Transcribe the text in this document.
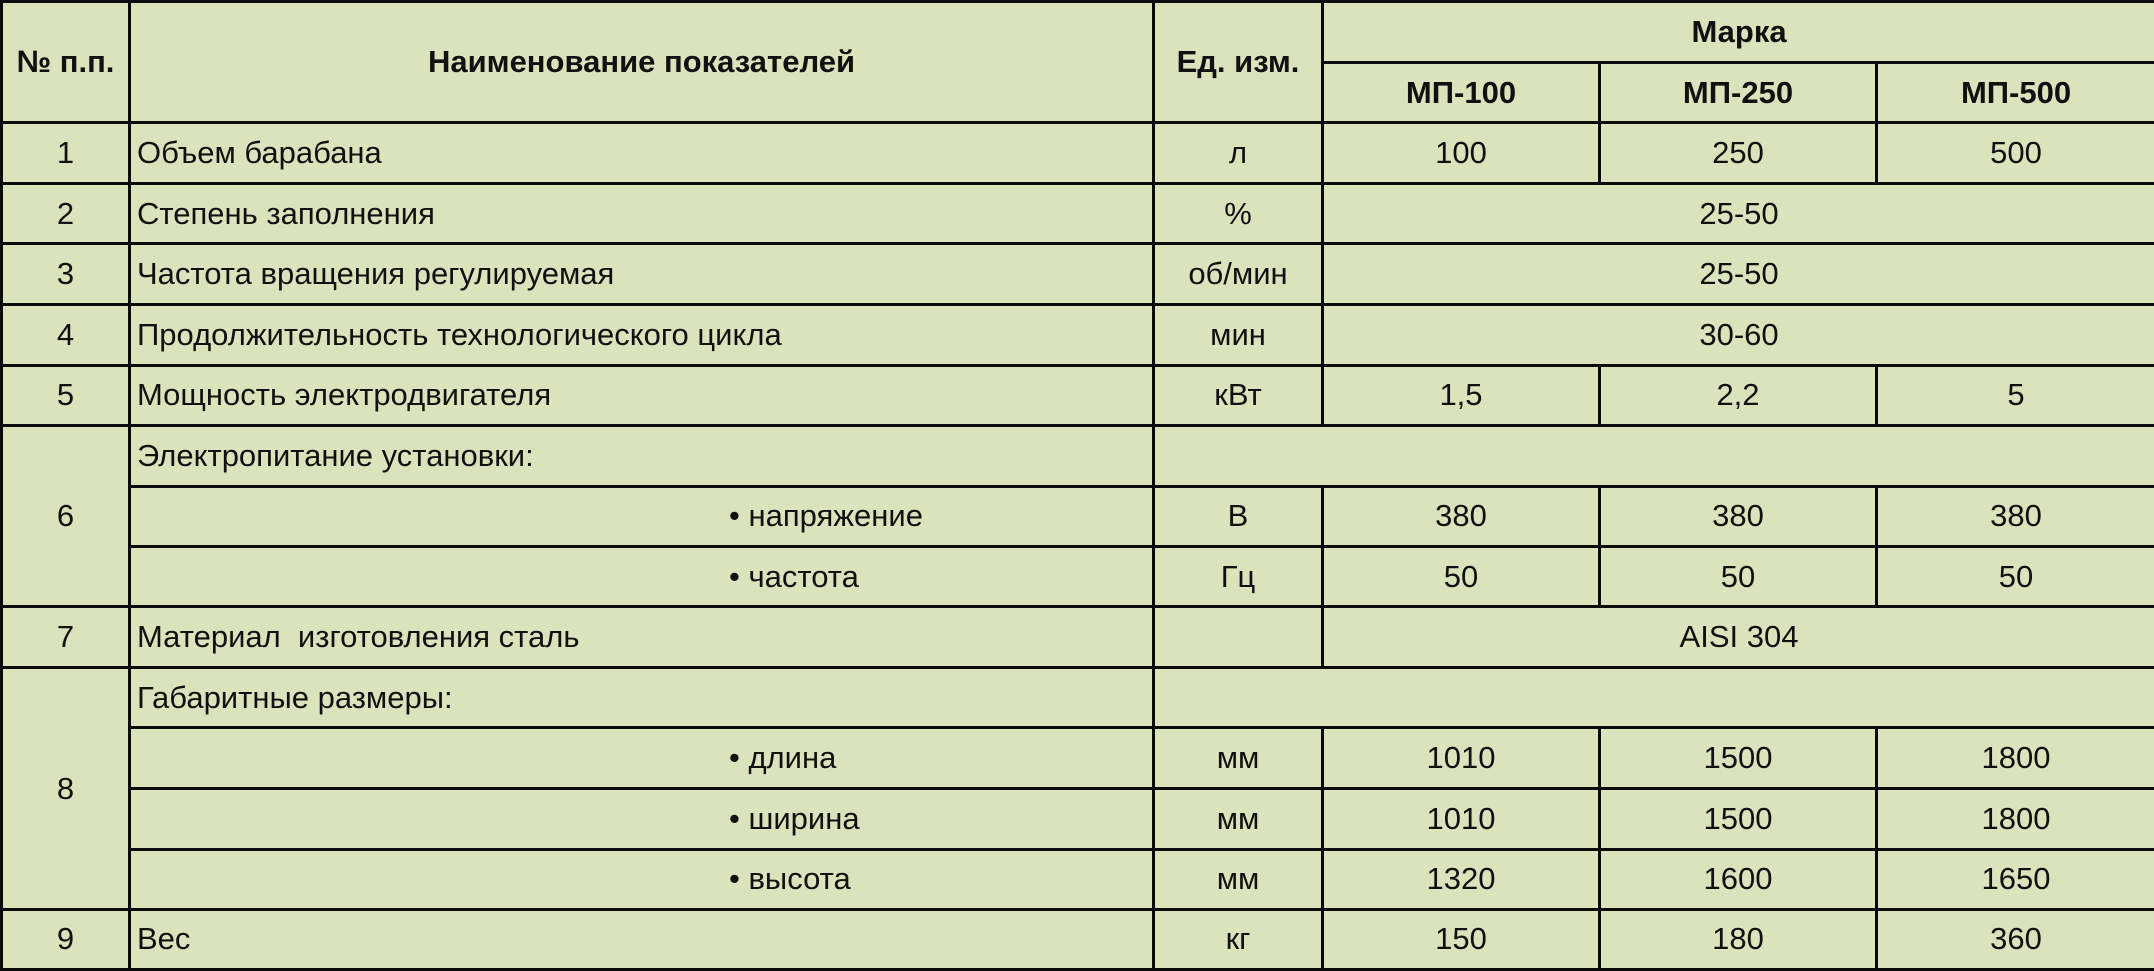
№ п.п.	Наименование показателей	Ед. изм.	Марка		
			МП-100	МП-250	МП-500
1	Объем барабана	л	100	250	500
2	Степень заполнения	%	25-50		
3	Частота вращения регулируемая	об/мин	25-50		
4	Продолжительность технологического цикла	мин	30-60		
5	Мощность электродвигателя	кВт	1,5	2,2	5
6	Электропитание установки:				
	• напряжение	В	380	380	380
	• частота	Гц	50	50	50
7	Материал  изготовления сталь		AISI 304		
8	Габаритные размеры:				
	• длина	мм	1010	1500	1800
	• ширина	мм	1010	1500	1800
	• высота	мм	1320	1600	1650
9	Вес	кг	150	180	360
